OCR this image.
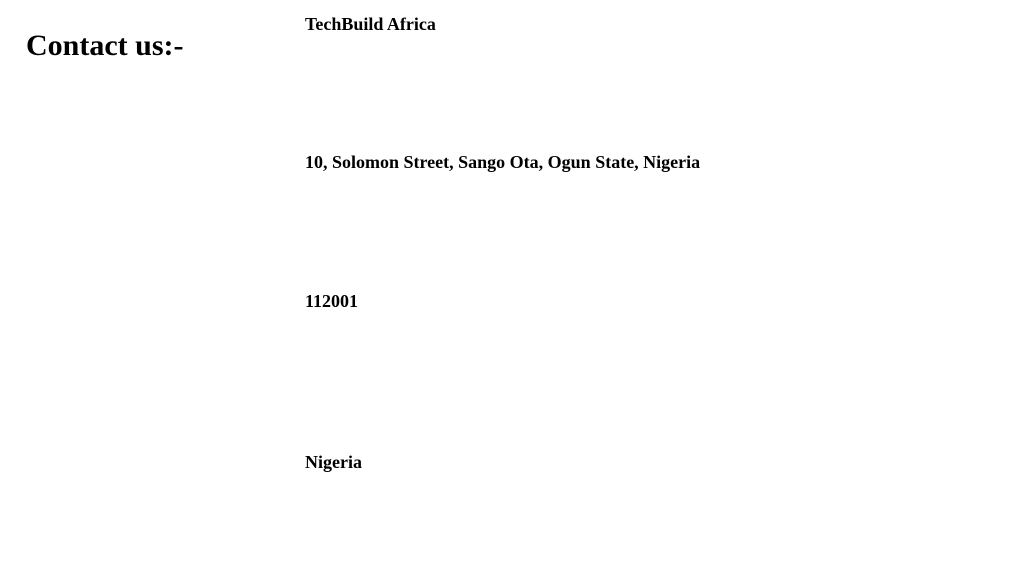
Contact us:-

TechBuild Africa

10, Solomon Street, Sango Ota, Ogun State, Nigeria

112001

Nigeria
